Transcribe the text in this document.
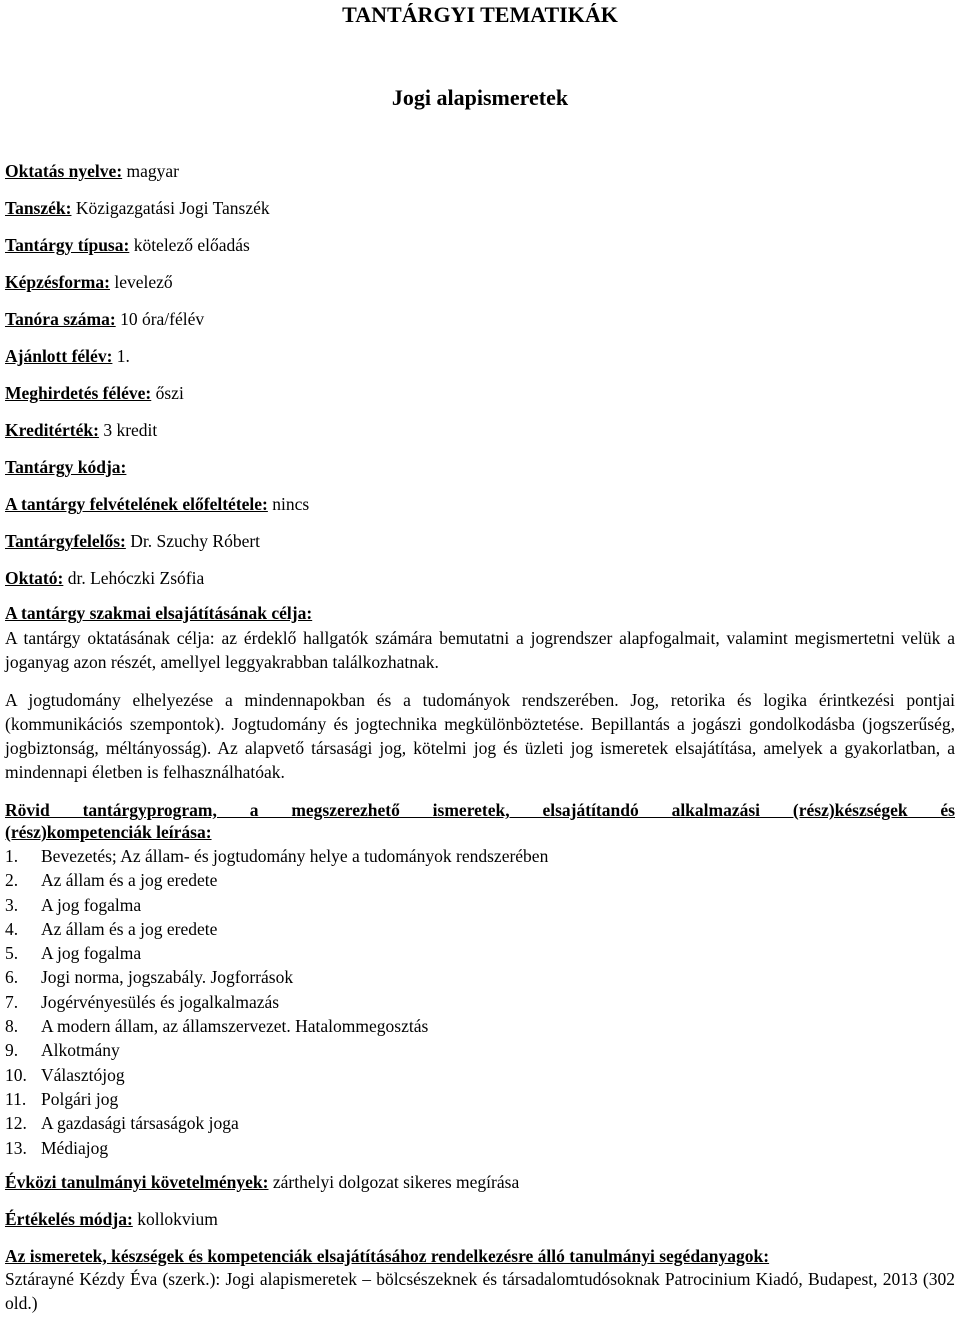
TANTÁRGYI TEMATIKÁK
Jogi alapismeretek
Oktatás nyelve: magyar
Tanszék: Közigazgatási Jogi Tanszék
Tantárgy típusa: kötelező előadás
Képzésforma: levelező
Tanóra száma: 10 óra/félév
Ajánlott félév: 1.
Meghirdetés féléve: őszi
Kreditérték: 3 kredit
Tantárgy kódja:
A tantárgy felvételének előfeltétele: nincs
Tantárgyfelelős: Dr. Szuchy Róbert
Oktató: dr. Lehóczki Zsófia
A tantárgy szakmai elsajátításának célja:
A tantárgy oktatásának célja: az érdeklő hallgatók számára bemutatni a jogrendszer alapfogalmait, valamint megismertetni velük a joganyag azon részét, amellyel leggyakrabban találkozhatnak.
A jogtudomány elhelyezése a mindennapokban és a tudományok rendszerében. Jog, retorika és logika érintkezési pontjai (kommunikációs szempontok). Jogtudomány és jogtechnika megkülönböztetése. Bepillantás a jogászi gondolkodásba (jogszerűség, jogbiztonság, méltányosság). Az alapvető társasági jog, kötelmi jog és üzleti jog ismeretek elsajátítása, amelyek a gyakorlatban, a mindennapi életben is felhasználhatóak.
Rövid tantárgyprogram, a megszerezhető ismeretek, elsajátítandó alkalmazási (rész)készségek és
(rész)kompetenciák leírása:
1. Bevezetés; Az állam- és jogtudomány helye a tudományok rendszerében
2. Az állam és a jog eredete
3. A jog fogalma
4. Az állam és a jog eredete
5. A jog fogalma
6. Jogi norma, jogszabály. Jogforrások
7. Jogérvényesülés és jogalkalmazás
8. A modern állam, az államszervezet. Hatalommegosztás
9. Alkotmány
10. Választójog
11. Polgári jog
12. A gazdasági társaságok joga
13. Médiajog
Évközi tanulmányi követelmények: zárthelyi dolgozat sikeres megírása
Értékelés módja: kollokvium
Az ismeretek, készségek és kompetenciák elsajátításához rendelkezésre álló tanulmányi segédanyagok:
Sztárayné Kézdy Éva (szerk.): Jogi alapismeretek – bölcsészeknek és társadalomtudósoknak Patrocinium Kiadó, Budapest, 2013 (302 old.)
